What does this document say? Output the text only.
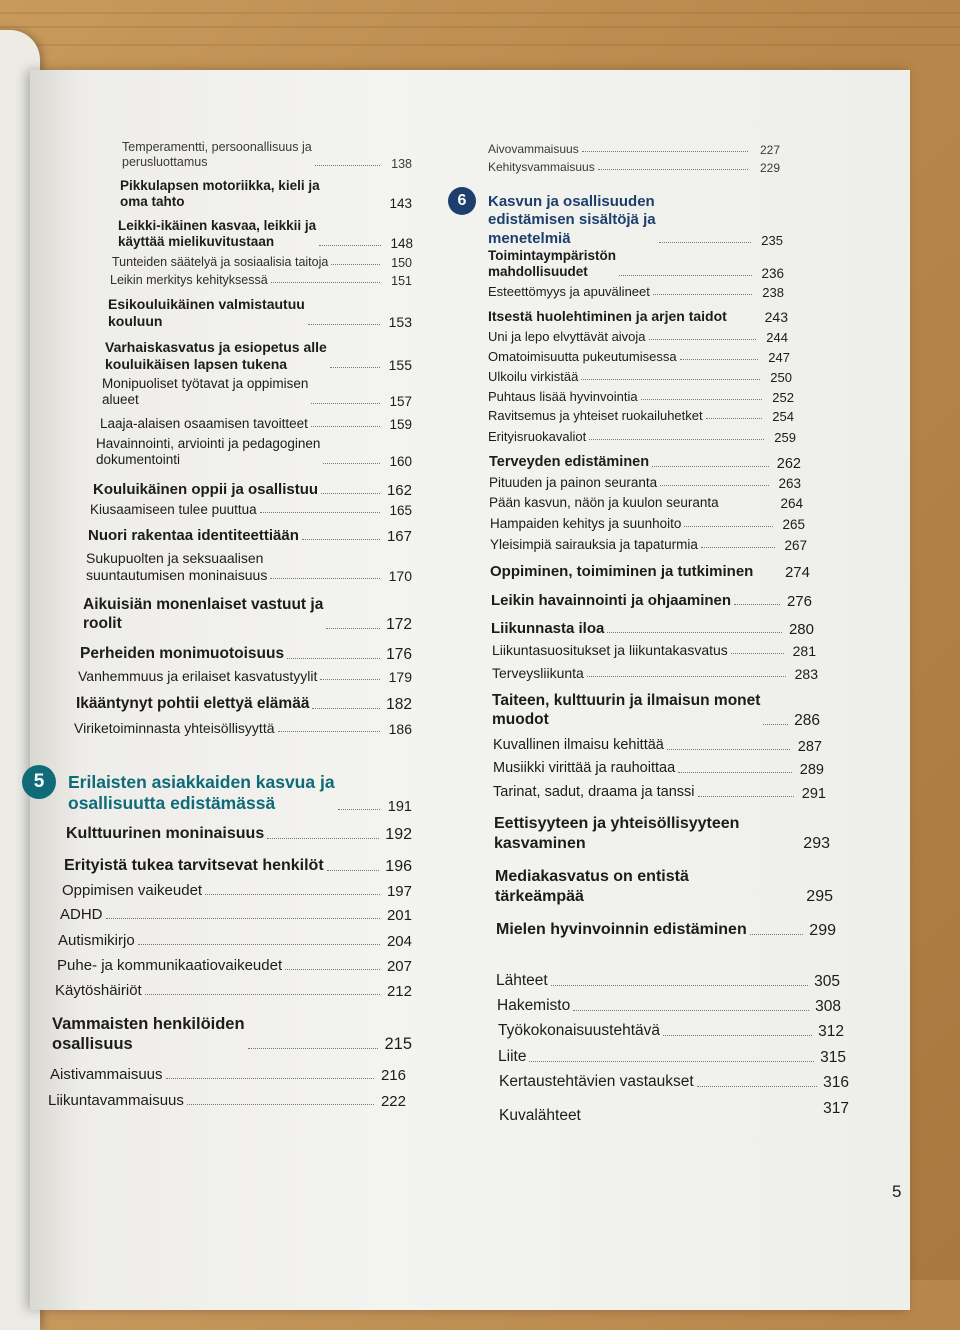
Temperamentti, persoonallisuus ja
perusluottamus	138
Pikkulapsen motoriikka, kieli ja
oma tahto	143
Leikki-ikäinen kasvaa, leikkii ja
käyttää mielikuvitustaan	148
Tunteiden säätelyä ja sosiaalisia taitoja	150
Leikin merkitys kehityksessä	151
Esikouluikäinen valmistautuu
kouluun	153
Varhaiskasvatus ja esiopetus alle
kouluikäisen lapsen tukena	155
Monipuoliset työtavat ja oppimisen
alueet	157
Laaja-alaisen osaamisen tavoitteet	159
Havainnointi, arviointi ja pedagoginen
dokumentointi	160
Kouluikäinen oppii ja osallistuu	162
Kiusaamiseen tulee puuttua	165
Nuori rakentaa identiteettiään	167
Sukupuolten ja seksuaalisen
suuntautumisen moninaisuus	170
Aikuisiän monenlaiset vastuut ja
roolit	172
Perheiden monimuotoisuus	176
Vanhemmuus ja erilaiset kasvatustyylit	179
Ikääntynyt pohtii elettyä elämää	182
Viriketoiminnasta yhteisöllisyyttä	186
5	Erilaisten asiakkaiden kasvua ja
osallisuutta edistämässä	191
Kulttuurinen moninaisuus	192
Erityistä tukea tarvitsevat henkilöt	196
Oppimisen vaikeudet	197
ADHD	201
Autismikirjo	204
Puhe- ja kommunikaatiovaikeudet	207
Käytöshäiriöt	212
Vammaisten henkilöiden
osallisuus	215
Aistivammaisuus	216
Liikuntavammaisuus	222
Aivovammaisuus	227
Kehitysvammaisuus	229
6	Kasvun ja osallisuuden
edistämisen sisältöjä ja
menetelmiä	235
Toimintaympäristön
mahdollisuudet	236
Esteettömyys ja apuvälineet	238
Itsestä huolehtiminen ja arjen taidot	243
Uni ja lepo elvyttävät aivoja	244
Omatoimisuutta pukeutumisessa	247
Ulkoilu virkistää	250
Puhtaus lisää hyvinvointia	252
Ravitsemus ja yhteiset ruokailuhetket	254
Erityisruokavaliot	259
Terveyden edistäminen	262
Pituuden ja painon seuranta	263
Pään kasvun, näön ja kuulon seuranta	264
Hampaiden kehitys ja suunhoito	265
Yleisimpiä sairauksia ja tapaturmia	267
Oppiminen, toimiminen ja tutkiminen 274
Leikin havainnointi ja ohjaaminen	276
Liikunnasta iloa	280
Liikuntasuositukset ja liikuntakasvatus	281
Terveysliikunta	283
Taiteen, kulttuurin ja ilmaisun monet
muodot	286
Kuvallinen ilmaisu kehittää	287
Musiikki virittää ja rauhoittaa	289
Tarinat, sadut, draama ja tanssi	291
Eettisyyteen ja yhteisöllisyyteen
kasvaminen	293
Mediakasvatus on entistä
tärkeämpää	295
Mielen hyvinvoinnin edistäminen	299
Lähteet	305
Hakemisto	308
Työkokonaisuustehtävä	312
Liite	315
Kertaustehtävien vastaukset	316
Kuvalähteet	317
5
